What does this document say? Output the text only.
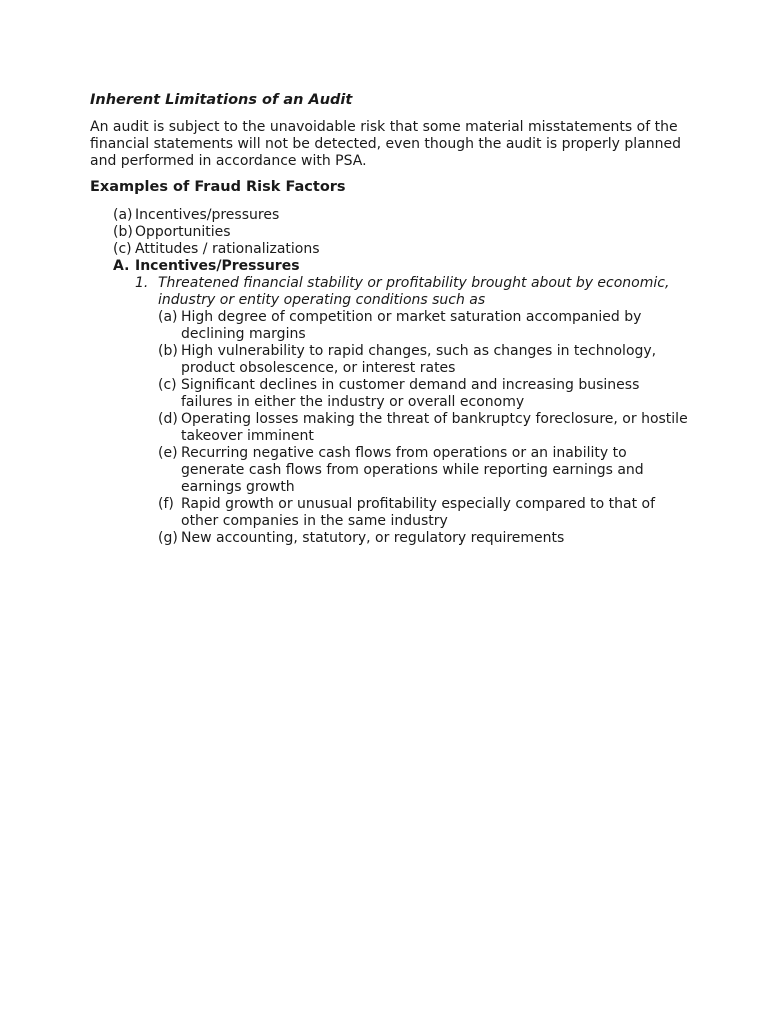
Inherent Limitations of an Audit
An audit is subject to the unavoidable risk that some material misstatements of the financial statements will not be detected, even though the audit is properly planned and performed in accordance with PSA.
Examples of Fraud Risk Factors
(a) Incentives/pressures
(b) Opportunities
(c) Attitudes / rationalizations
A. Incentives/Pressures
1. Threatened financial stability or profitability brought about by economic, industry or entity operating conditions such as
(a) High degree of competition or market saturation accompanied by declining margins
(b) High vulnerability to rapid changes, such as changes in technology, product obsolescence, or interest rates
(c) Significant declines in customer demand and increasing business failures in either the industry or overall economy
(d) Operating losses making the threat of bankruptcy foreclosure, or hostile takeover imminent
(e) Recurring negative cash flows from operations or an inability to generate cash flows from operations while reporting earnings and earnings growth
(f) Rapid growth or unusual profitability especially compared to that of other companies in the same industry
(g) New accounting, statutory, or regulatory requirements
